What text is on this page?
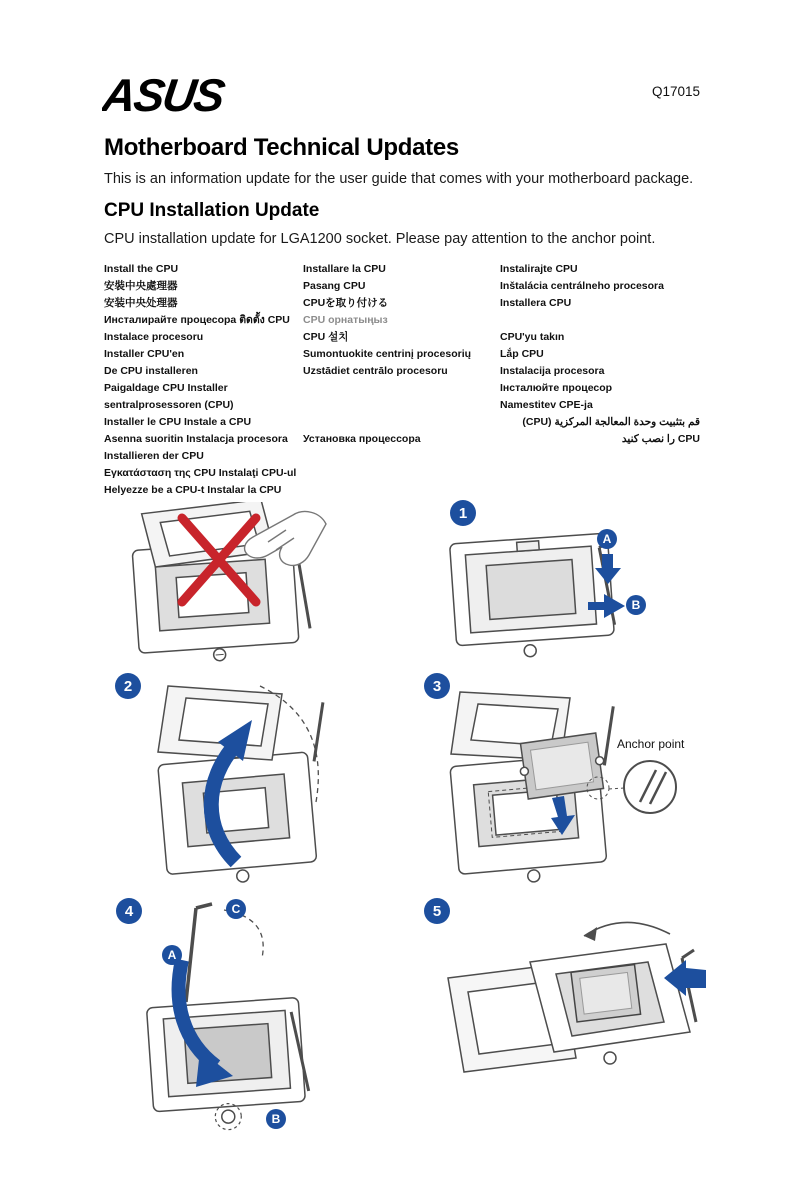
ASUS	Q17015
Motherboard Technical Updates
This is an information update for the user guide that comes with your motherboard package.
CPU Installation Update
CPU installation update for LGA1200 socket. Please pay attention to the anchor point.
Install the CPU
安裝中央處理器
安装中央处理器
Инсталирайте процесора ติดตั้ง CPU
Instalace procesoru
Installer CPU'en
De CPU installeren
Paigaldage CPU Installer sentralprosessoren (CPU)
Installer le CPU Instale a CPU
Asenna suoritin Instalacja procesora
Installieren der CPU
Εγκατάσταση της CPU Instalaţi CPU-ul
Helyezze be a CPU-t Instalar la CPU
Installare la CPU
Pasang CPU
CPUを取り付ける
CPU орнатыңыз
CPU 설치
Sumontuokite centrinį procesorių
Uzstādiet centrālo procesoru
Установка процессора
Instalirajte CPU
Inštalácia centrálneho procesora
Installera CPU
CPU'yu takın
Lắp CPU
Instalacija procesora
Інсталюйте процесор
Namestitev CPE-ja
قم بتثبيت وحدة المعالجة المركزية (CPU)
CPU را نصب كنيد
1
2	3
4	5
A
B
C
A
B
Anchor point
